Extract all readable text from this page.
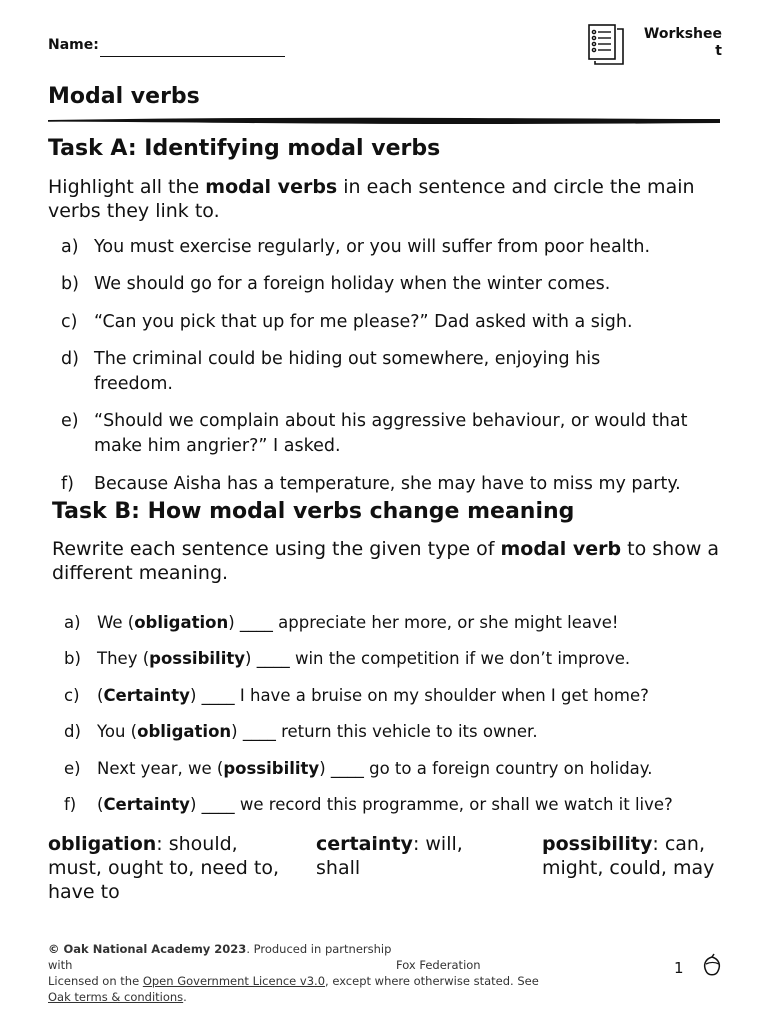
Name:
Workshee
t
Modal verbs
Task A: Identifying modal verbs
Highlight all the modal verbs in each sentence and circle the main verbs they link to.
a) You must exercise regularly, or you will suffer from poor health.
b) We should go for a foreign holiday when the winter comes.
c) “Can you pick that up for me please?” Dad asked with a sigh.
d) The criminal could be hiding out somewhere, enjoying his freedom.
e) “Should we complain about his aggressive behaviour, or would that make him angrier?” I asked.
f) Because Aisha has a temperature, she may have to miss my party.
Task B: How modal verbs change meaning
Rewrite each sentence using the given type of modal verb to show a different meaning.
a) We (obligation) ____ appreciate her more, or she might leave!
b) They (possibility) ____ win the competition if we don’t improve.
c) (Certainty) ____ I have a bruise on my shoulder when I get home?
d) You (obligation) ____ return this vehicle to its owner.
e) Next year, we (possibility) ____ go to a foreign country on holiday.
f) (Certainty) ____ we record this programme, or shall we watch it live?
obligation: should, must, ought to, need to, have to
certainty: will, shall
possibility: can, might, could, may
© Oak National Academy 2023. Produced in partnership with	Fox Federation
Licensed on the Open Government Licence v3.0, except where otherwise stated. See
Oak terms & conditions.
1
